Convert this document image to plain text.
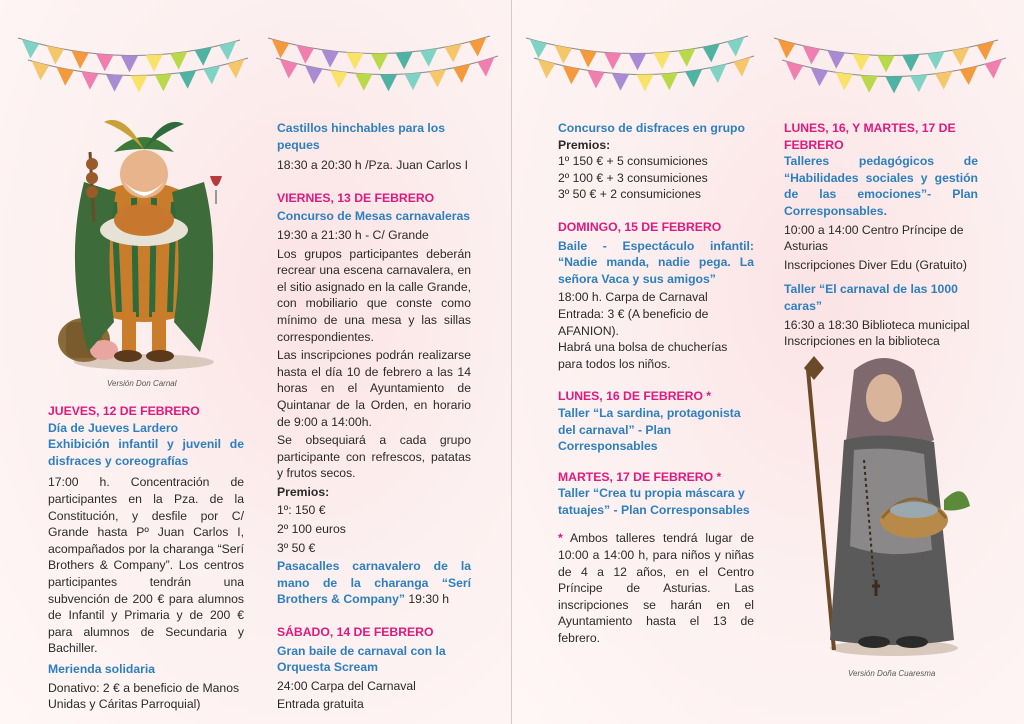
Versión Don Carnal

JUEVES, 12 DE FEBRERO

Día de Jueves Lardero

Exhibición infantil y juvenil de disfraces y coreografías

17:00 h. Concentración de participantes en la Pza. de la Constitución, y desfile por C/ Grande hasta Pº Juan Carlos I, acompañados por la charanga “Serí Brothers & Company”. Los centros participantes tendrán una subvención de 200 € para alumnos de Infantil y Primaria y de 200 € para alumnos de Secundaria y Bachiller.

Merienda solidaria

Donativo: 2 € a beneficio de Manos Unidas y Cáritas Parroquial)

Castillos hinchables para los peques

18:30 a 20:30 h /Pza. Juan Carlos I

VIERNES, 13 DE FEBRERO

Concurso de Mesas carnavaleras

19:30 a 21:30 h - C/ Grande

Los grupos participantes deberán recrear una escena carnavalera, en el sitio asignado en la calle Grande, con mobiliario que conste como mínimo de una mesa y las sillas correspondientes.

Las inscripciones podrán realizarse hasta el día 10 de febrero a las 14 horas en el Ayuntamiento de Quintanar de la Orden, en horario de 9:00 a 14:00h.

Se obsequiará a cada grupo participante con refrescos, patatas y frutos secos.

Premios:

1º: 150 €

2º 100 euros

3º 50 €

Pasacalles carnavalero de la mano de la charanga “Serí Brothers & Company” 19:30 h

SÁBADO, 14 DE FEBRERO

Gran baile de carnaval con la Orquesta Scream

24:00 Carpa del Carnaval

Entrada gratuita

Concurso de disfraces en grupo

Premios:

1º 150 € + 5 consumiciones

2º 100 € + 3 consumiciones

3º 50 € + 2 consumiciones

DOMINGO, 15 DE FEBRERO

Baile - Espectáculo infantil: “Nadie manda, nadie pega. La señora Vaca y sus amigos”

18:00 h. Carpa de Carnaval

Entrada: 3 € (A beneficio de AFANION).

Habrá una bolsa de chucherías para todos los niños.

LUNES, 16 DE FEBRERO *

Taller “La sardina, protagonista del carnaval” - Plan Corresponsables

MARTES, 17 DE FEBRERO *

Taller “Crea tu propia máscara y tatuajes” - Plan Corresponsables

* Ambos talleres tendrá lugar de 10:00 a 14:00 h, para niños y niñas de 4 a 12 años, en el Centro Príncipe de Asturias. Las inscripciones se harán en el Ayuntamiento hasta el 13 de febrero.

LUNES, 16, Y MARTES, 17 DE FEBRERO

Talleres pedagógicos de “Habilidades sociales y gestión de las emociones”- Plan Corresponsables.

10:00 a 14:00 Centro Príncipe de Asturias

Inscripciones Diver Edu (Gratuito)

Taller “El carnaval de las 1000 caras”

16:30 a 18:30 Biblioteca municipal

Inscripciones en la biblioteca

Versión Doña Cuaresma
